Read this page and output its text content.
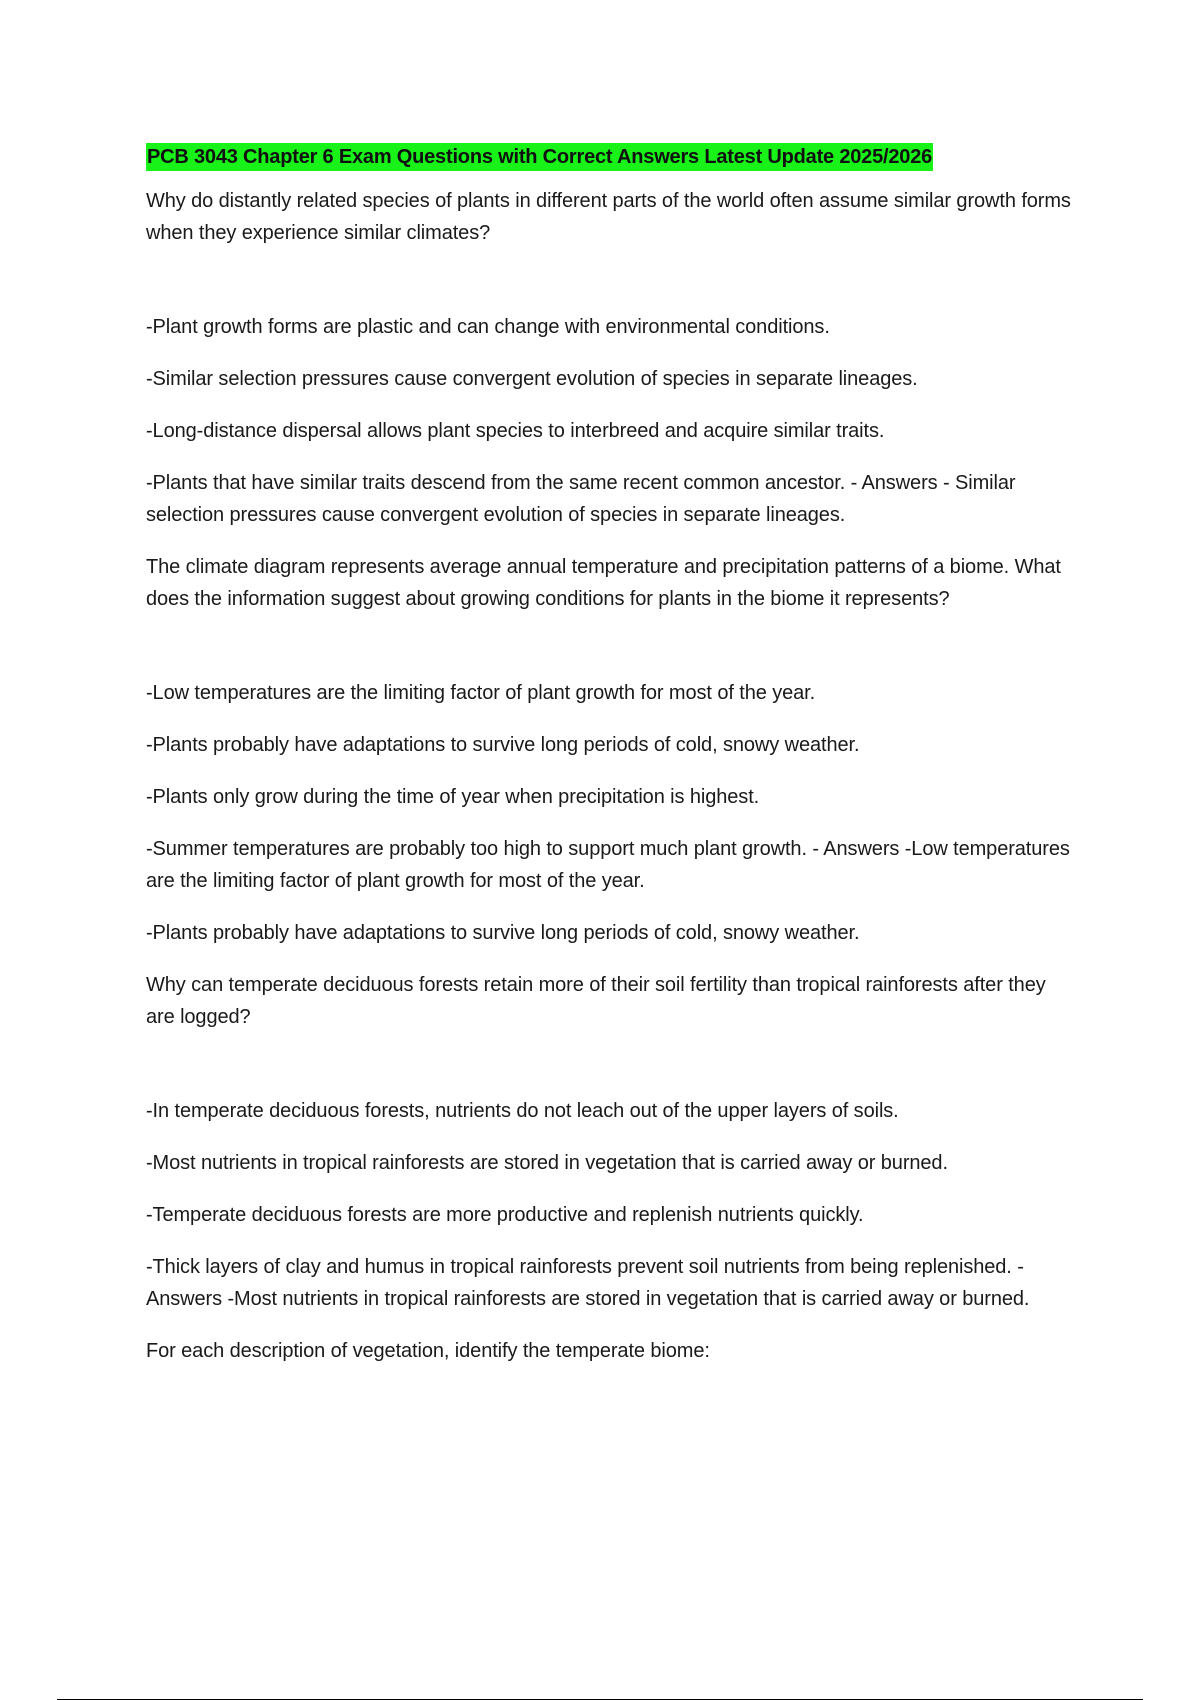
PCB 3043 Chapter 6 Exam Questions with Correct Answers Latest Update 2025/2026

Why do distantly related species of plants in different parts of the world often assume similar growth forms when they experience similar climates?

-Plant growth forms are plastic and can change with environmental conditions.

-Similar selection pressures cause convergent evolution of species in separate lineages.

-Long-distance dispersal allows plant species to interbreed and acquire similar traits.

-Plants that have similar traits descend from the same recent common ancestor. - Answers - Similar selection pressures cause convergent evolution of species in separate lineages.

The climate diagram represents average annual temperature and precipitation patterns of a biome. What does the information suggest about growing conditions for plants in the biome it represents?

-Low temperatures are the limiting factor of plant growth for most of the year.

-Plants probably have adaptations to survive long periods of cold, snowy weather.

-Plants only grow during the time of year when precipitation is highest.

-Summer temperatures are probably too high to support much plant growth. - Answers -Low temperatures are the limiting factor of plant growth for most of the year.

-Plants probably have adaptations to survive long periods of cold, snowy weather.

Why can temperate deciduous forests retain more of their soil fertility than tropical rainforests after they are logged?

-In temperate deciduous forests, nutrients do not leach out of the upper layers of soils.

-Most nutrients in tropical rainforests are stored in vegetation that is carried away or burned.

-Temperate deciduous forests are more productive and replenish nutrients quickly.

-Thick layers of clay and humus in tropical rainforests prevent soil nutrients from being replenished. - Answers -Most nutrients in tropical rainforests are stored in vegetation that is carried away or burned.

For each description of vegetation, identify the temperate biome:
